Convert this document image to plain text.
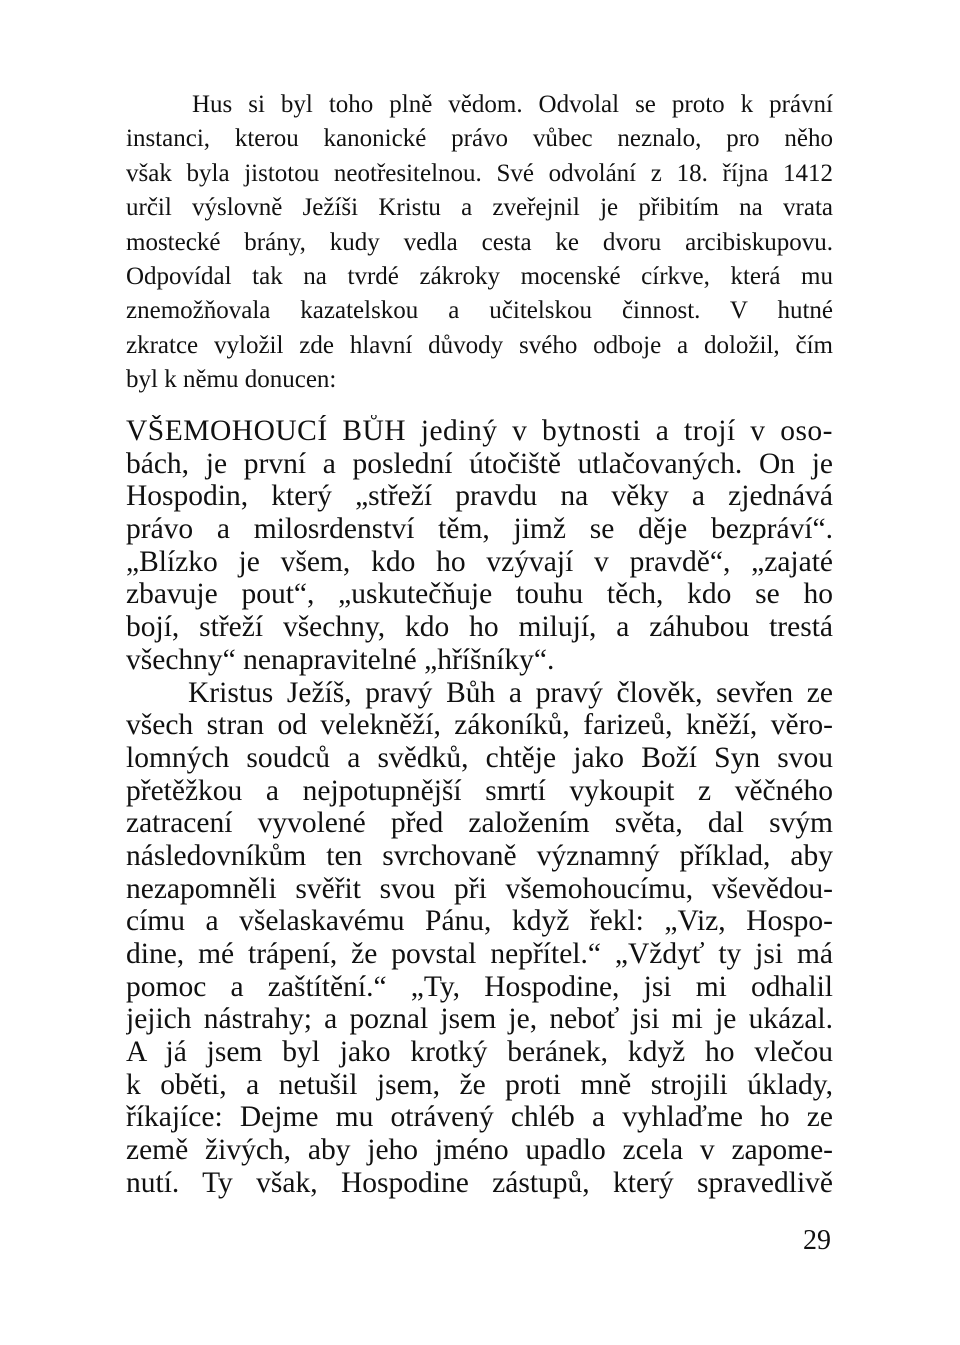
Hus si byl toho plně vědom. Odvolal se proto k právní
instanci, kterou kanonické právo vůbec neznalo, pro něho
však byla jistotou neotřesitelnou. Své odvolání z 18. října 1412
určil výslovně Ježíši Kristu a zveřejnil je přibitím na vrata
mostecké brány, kudy vedla cesta ke dvoru arcibiskupovu.
Odpovídal tak na tvrdé zákroky mocenské církve, která mu
znemožňovala kazatelskou a učitelskou činnost. V hutné
zkratce vyložil zde hlavní důvody svého odboje a doložil, čím
byl k němu donucen:
VŠEMOHOUCÍ BŮH jediný v bytnosti a trojí v oso-
bách, je první a poslední útočiště utlačovaných. On je
Hospodin, který „střeží pravdu na věky a zjednává
právo a milosrdenství těm, jimž se děje bezpráví“.
„Blízko je všem, kdo ho vzývají v pravdě“, „zajaté
zbavuje pout“, „uskutečňuje touhu těch, kdo se ho
bojí, střeží všechny, kdo ho milují, a záhubou trestá
všechny“ nenapravitelné „hříšníky“.
Kristus Ježíš, pravý Bůh a pravý člověk, sevřen ze
všech stran od velekněží, zákoníků, farizeů, kněží, věro-
lomných soudců a svědků, chtěje jako Boží Syn svou
přetěžkou a nejpotupnější smrtí vykoupit z věčného
zatracení vyvolené před založením světa, dal svým
následovníkům ten svrchovaně významný příklad, aby
nezapomněli svěřit svou při všemohoucímu, vševědou-
címu a všelaskavému Pánu, když řekl: „Viz, Hospo-
dine, mé trápení, že povstal nepřítel.“ „Vždyť ty jsi má
pomoc a zaštítění.“ „Ty, Hospodine, jsi mi odhalil
jejich nástrahy; a poznal jsem je, neboť jsi mi je ukázal.
A já jsem byl jako krotký beránek, když ho vlečou
k oběti, a netušil jsem, že proti mně strojili úklady,
říkajíce: Dejme mu otrávený chléb a vyhlaďme ho ze
země živých, aby jeho jméno upadlo zcela v zapome-
nutí. Ty však, Hospodine zástupů, který spravedlivě
29
